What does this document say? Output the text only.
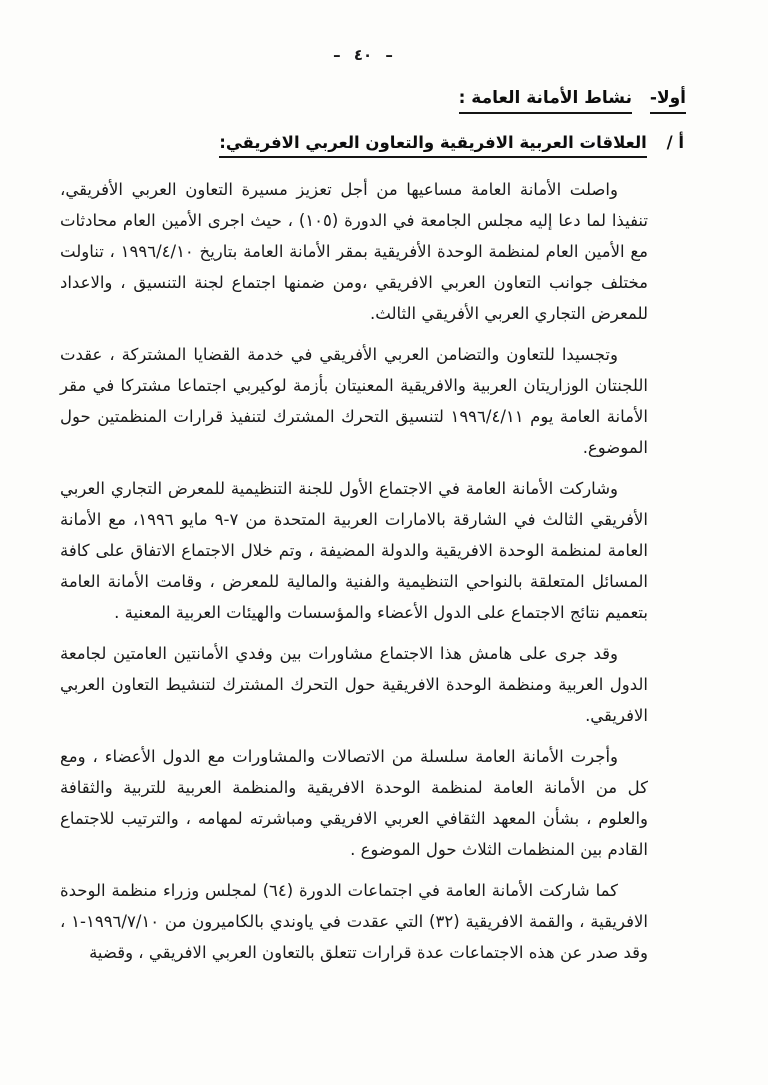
– ٤٠ –
أولا- نشاط الأمانة العامة :
أ / العلاقات العربية الافريقية والتعاون العربي الافريقي:

واصلت الأمانة العامة مساعيها من أجل تعزيز مسيرة التعاون العربي الأفريقي، تنفيذا لما دعا إليه مجلس الجامعة في الدورة (١٠٥) ، حيث اجرى الأمين العام محادثات مع الأمين العام لمنظمة الوحدة الأفريقية بمقر الأمانة العامة بتاريخ ١٩٩٦/٤/١٠ ، تناولت مختلف جوانب التعاون العربي الافريقي ،ومن ضمنها اجتماع لجنة التنسيق ، والاعداد للمعرض التجاري العربي الأفريقي الثالث.

وتجسيدا للتعاون والتضامن العربي الأفريقي في خدمة القضايا المشتركة ، عقدت اللجنتان الوزاريتان العربية والافريقية المعنيتان بأزمة لوكيربي اجتماعا مشتركا في مقر الأمانة العامة يوم ١٩٩٦/٤/١١ لتنسيق التحرك المشترك لتنفيذ قرارات المنظمتين حول الموضوع.

وشاركت الأمانة العامة في الاجتماع الأول للجنة التنظيمية للمعرض التجاري العربي الأفريقي الثالث في الشارقة بالامارات العربية المتحدة من ٧-٩ مايو ١٩٩٦، مع الأمانة العامة لمنظمة الوحدة الافريقية والدولة المضيفة ، وتم خلال الاجتماع الاتفاق على كافة المسائل المتعلقة بالنواحي التنظيمية والفنية والمالية للمعرض ، وقامت الأمانة العامة بتعميم نتائج الاجتماع على الدول الأعضاء والمؤسسات والهيئات العربية المعنية .

وقد جرى على هامش هذا الاجتماع مشاورات بين وفدي الأمانتين العامتين لجامعة الدول العربية ومنظمة الوحدة الافريقية حول التحرك المشترك لتنشيط التعاون العربي الافريقي.

وأجرت الأمانة العامة سلسلة من الاتصالات والمشاورات مع الدول الأعضاء ، ومع كل من الأمانة العامة لمنظمة الوحدة الافريقية والمنظمة العربية للتربية والثقافة والعلوم ، بشأن المعهد الثقافي العربي الافريقي ومباشرته لمهامه ، والترتيب للاجتماع القادم بين المنظمات الثلاث حول الموضوع .

كما شاركت الأمانة العامة في اجتماعات الدورة (٦٤) لمجلس وزراء منظمة الوحدة الافريقية ، والقمة الافريقية (٣٢) التي عقدت في ياوندي بالكاميرون من ⁦١٩٩٦/٧/١٠-١⁩ ، وقد صدر عن هذه الاجتماعات عدة قرارات تتعلق بالتعاون العربي الافريقي ، وقضية
